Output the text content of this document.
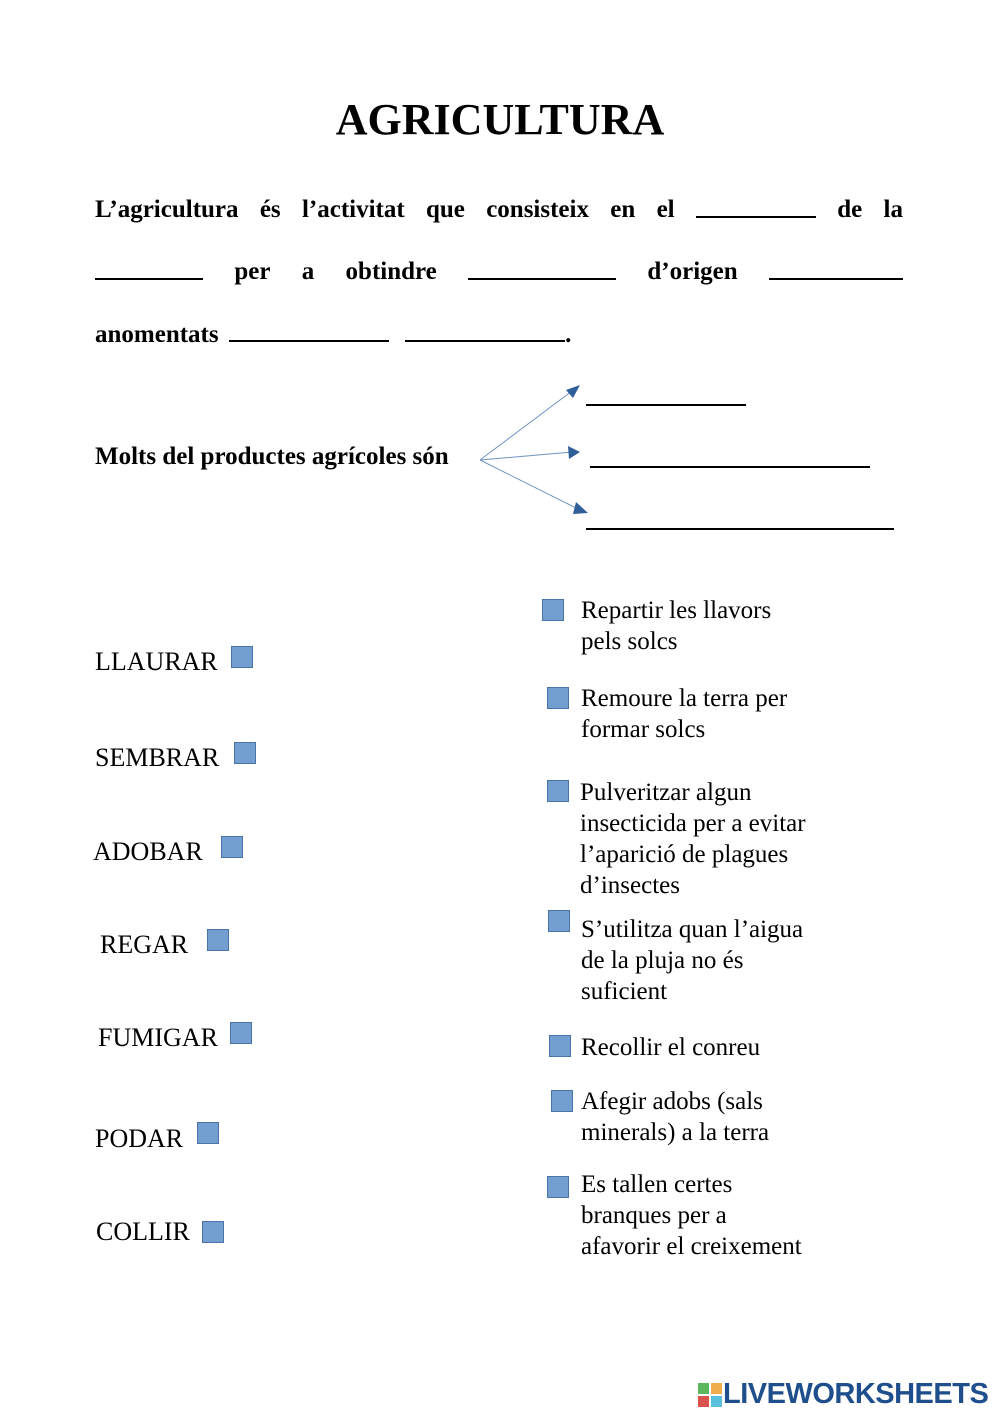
AGRICULTURA
L’agricultura és l’activitat que consisteix en el	de la
per a obtindre	d’origen
anomentats	.
Molts del productes agrícoles són
LLAURAR
SEMBRAR
ADOBAR
REGAR
FUMIGAR
PODAR
COLLIR
Repartir les llavors
pels solcs
Remoure la terra per
formar solcs
Pulveritzar algun
insecticida per a evitar
l’aparició de plagues
d’insectes
S’utilitza quan l’aigua
de la pluja no és
suficient
Recollir el conreu
Afegir adobs (sals
minerals) a la terra
Es tallen certes
branques per a
afavorir el creixement
LIVEWORKSHEETS
